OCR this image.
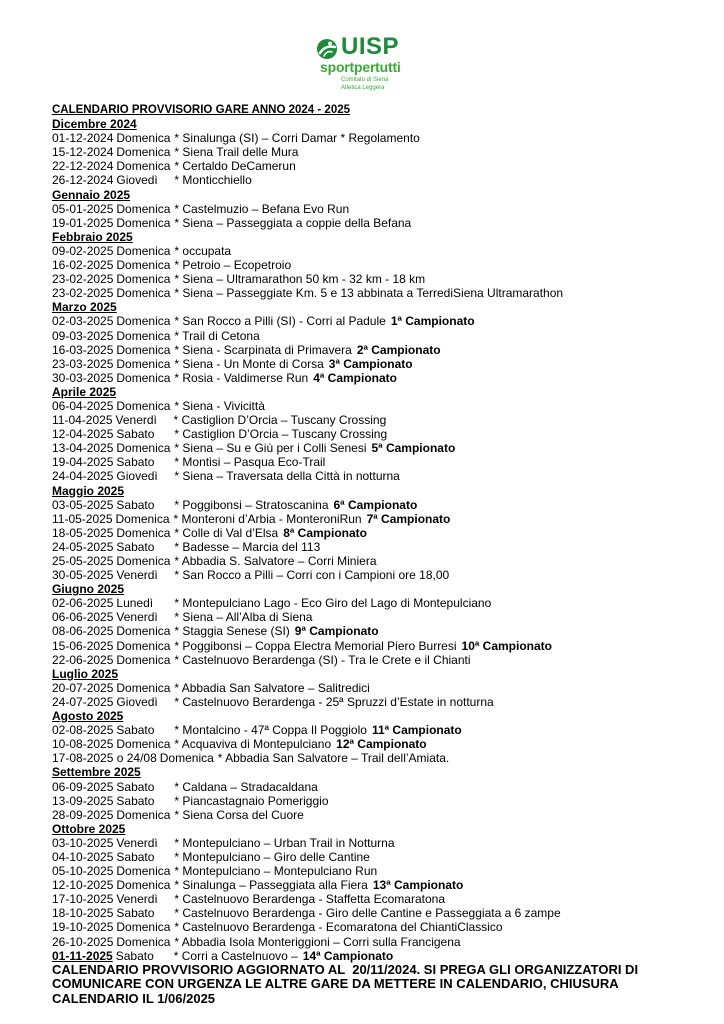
UISP
sportpertutti
Comitato di Siena
Atletica Leggera
CALENDARIO PROVVISORIO GARE ANNO 2024 - 2025
Dicembre 2024
01-12-2024 Domenica * Sinalunga (SI) – Corri Damar * Regolamento
15-12-2024 Domenica * Siena Trail delle Mura
22-12-2024 Domenica * Certaldo DeCamerun
26-12-2024 Giovedì * Monticchiello
Gennaio 2025
05-01-2025 Domenica * Castelmuzio – Befana Evo Run
19-01-2025 Domenica * Siena – Passeggiata a coppie della Befana
Febbraio 2025
09-02-2025 Domenica * occupata
16-02-2025 Domenica * Petroio – Ecopetroio
23-02-2025 Domenica * Siena – Ultramarathon 50 km - 32 km - 18 km
23-02-2025 Domenica * Siena – Passeggiate Km. 5 e 13 abbinata a TerrediSiena Ultramarathon
Marzo 2025
02-03-2025 Domenica * San Rocco a Pilli (SI) - Corri al Padule 1ª Campionato
09-03-2025 Domenica * Trail di Cetona
16-03-2025 Domenica * Siena - Scarpinata di Primavera 2ª Campionato
23-03-2025 Domenica * Siena - Un Monte di Corsa 3ª Campionato
30-03-2025 Domenica * Rosia - Valdimerse Run 4ª Campionato
Aprile 2025
06-04-2025 Domenica * Siena - Vivicittà
11-04-2025 Venerdì * Castiglion D’Orcia – Tuscany Crossing
12-04-2025 Sabato * Castiglion D’Orcia – Tuscany Crossing
13-04-2025 Domenica * Siena – Su e Giù per i Colli Senesi 5ª Campionato
19-04-2025 Sabato * Montisi – Pasqua Eco-Trail
24-04-2025 Giovedì * Siena – Traversata della Città in notturna
Maggio 2025
03-05-2025 Sabato * Poggibonsi – Stratoscanina 6ª Campionato
11-05-2025 Domenica * Monteroni d’Arbia - MonteroniRun 7ª Campionato
18-05-2025 Domenica * Colle di Val d’Elsa 8ª Campionato
24-05-2025 Sabato * Badesse – Marcia del 113
25-05-2025 Domenica * Abbadia S. Salvatore – Corri Miniera
30-05-2025 Venerdì * San Rocco a Pilli – Corri con i Campioni ore 18,00
Giugno 2025
02-06-2025 Lunedì * Montepulciano Lago - Eco Giro del Lago di Montepulciano
06-06-2025 Venerdì * Siena – All’Alba di Siena
08-06-2025 Domenica * Staggia Senese (SI) 9ª Campionato
15-06-2025 Domenica * Poggibonsi – Coppa Electra Memorial Piero Burresi 10ª Campionato
22-06-2025 Domenica * Castelnuovo Berardenga (SI) - Tra le Crete e il Chianti
Luglio 2025
20-07-2025 Domenica * Abbadia San Salvatore – Salitredici
24-07-2025 Giovedì * Castelnuovo Berardenga - 25ª Spruzzi d’Estate in notturna
Agosto 2025
02-08-2025 Sabato * Montalcino - 47ª Coppa Il Poggiolo 11ª Campionato
10-08-2025 Domenica * Acquaviva di Montepulciano 12ª Campionato
17-08-2025 o 24/08 Domenica * Abbadia San Salvatore – Trail dell’Amiata.
Settembre 2025
06-09-2025 Sabato * Caldana – Stradacaldana
13-09-2025 Sabato * Piancastagnaio Pomeriggio
28-09-2025 Domenica * Siena Corsa del Cuore
Ottobre 2025
03-10-2025 Venerdì * Montepulciano – Urban Trail in Notturna
04-10-2025 Sabato * Montepulciano – Giro delle Cantine
05-10-2025 Domenica * Montepulciano – Montepulciano Run
12-10-2025 Domenica * Sinalunga – Passeggiata alla Fiera 13ª Campionato
17-10-2025 Venerdì * Castelnuovo Berardenga - Staffetta Ecomaratona
18-10-2025 Sabato * Castelnuovo Berardenga - Giro delle Cantine e Passeggiata a 6 zampe
19-10-2025 Domenica * Castelnuovo Berardenga - Ecomaratona del ChiantiClassico
26-10-2025 Domenica * Abbadia Isola Monteriggioni – Corri sulla Francigena
01-11-2025 Sabato * Corri a Castelnuovo – 14ª Campionato
CALENDARIO PROVVISORIO AGGIORNATO AL  20/11/2024. SI PREGA GLI ORGANIZZATORI DI
COMUNICARE CON URGENZA LE ALTRE GARE DA METTERE IN CALENDARIO, CHIUSURA
CALENDARIO IL 1/06/2025
